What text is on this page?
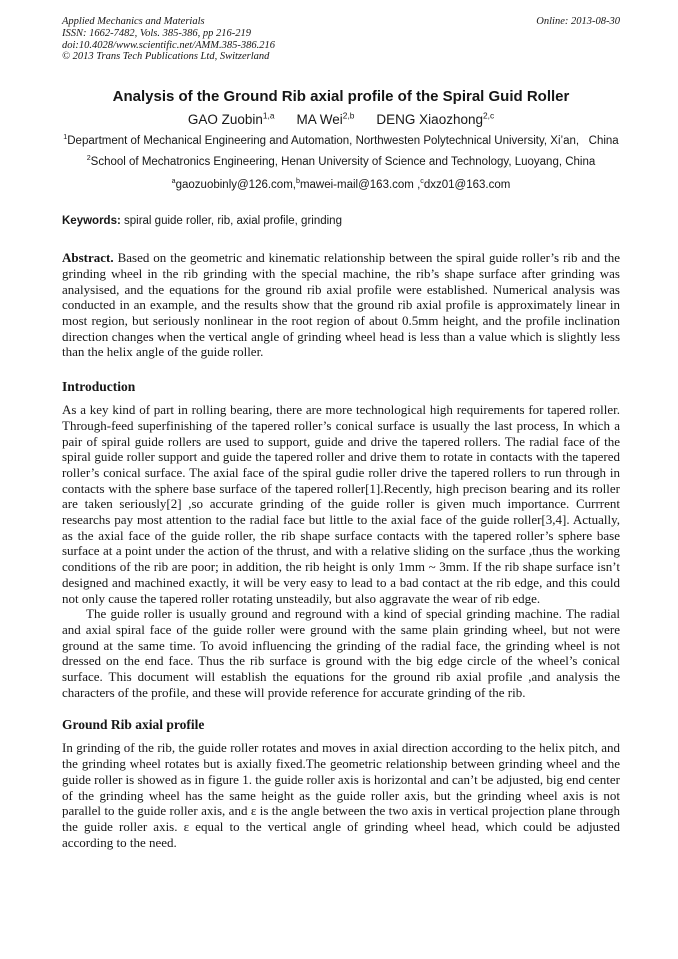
Applied Mechanics and Materials
ISSN: 1662-7482, Vols. 385-386, pp 216-219
doi:10.4028/www.scientific.net/AMM.385-386.216
© 2013 Trans Tech Publications Ltd, Switzerland
Online: 2013-08-30
Analysis of the Ground Rib axial profile of the Spiral Guid Roller
GAO Zuobin$^{1,a}$ MA Wei$^{2,b}$ DENG Xiaozhong$^{2,c}$
$^1$Department of Mechanical Engineering and Automation, Northwesten Polytechnical University, Xi’an,   China
$^2$School of Mechatronics Engineering, Henan University of Science and Technology, Luoyang, China
$^a$gaozuobinly@126.com,$^b$mawei-mail@163.com ,$^c$dxz01@163.com
Keywords: spiral guide roller, rib, axial profile, grinding

Abstract. Based on the geometric and kinematic relationship between the spiral guide roller’s rib and the grinding wheel in the rib grinding with the special machine, the rib’s shape surface after grinding was analysised, and the equations for the ground rib axial profile were established. Numerical analysis was conducted in an example, and the results show that the ground rib axial profile is approximately linear in most region, but seriously nonlinear in the root region of about 0.5mm height, and the profile inclination direction changes when the vertical angle of grinding wheel head is less than a value which is slightly less than the helix angle of the guide roller.

Introduction

As a key kind of part in rolling bearing, there are more technological high requirements for tapered roller. Through-feed superfinishing of the tapered roller’s conical surface is usually the last process, In which a pair of spiral guide rollers are used to support, guide and drive the tapered rollers. The radial face of the spiral guide roller support and guide the tapered roller and drive them to rotate in contacts with the tapered roller’s conical surface. The axial face of the spiral gudie roller drive the tapered rollers to run through in contacts with the sphere base surface of the tapered roller[1].Recently, high precison bearing and its roller are taken seriously[2] ,so accurate grinding of the guide roller is given much importance. Currrent researchs pay most attention to the radial face but little to the axial face of the guide roller[3,4]. Actually, as the axial face of the guide roller, the rib shape surface contacts with the tapered roller’s sphere base surface at a point under the action of the thrust, and with a relative sliding on the surface ,thus the working conditions of the rib are poor; in addition, the rib height is only 1mm ~ 3mm. If the rib shape surface isn’t designed and machined exactly, it will be very easy to lead to a bad contact at the rib edge, and this could not only cause the tapered roller rotating unsteadily, but also aggravate the wear of rib edge.

The guide roller is usually ground and reground with a kind of special grinding machine. The radial and axial spiral face of the guide roller were ground with the same plain grinding wheel, but not were ground at the same time. To avoid influencing the grinding of the radial face, the grinding wheel is not dressed on the end face. Thus the rib surface is ground with the big edge circle of the wheel’s conical surface. This document will establish the equations for the ground rib axial profile ,and analysis the characters of the profile, and these will provide reference for accurate grinding of the rib.

Ground Rib axial profile

In grinding of the rib, the guide roller rotates and moves in axial direction according to the helix pitch, and the grinding wheel rotates but is axially fixed.The geometric relationship between grinding wheel and the guide roller is showed as in figure 1. the guide roller axis is horizontal and can’t be adjusted, big end center of the grinding wheel has the same height as the guide roller axis, but the grinding wheel axis is not parallel to the guide roller axis, and ε is the angle between the two axis in vertical projection plane through the guide roller axis. ε equal to the vertical angle of grinding wheel head, which could be adjusted according to the need.
